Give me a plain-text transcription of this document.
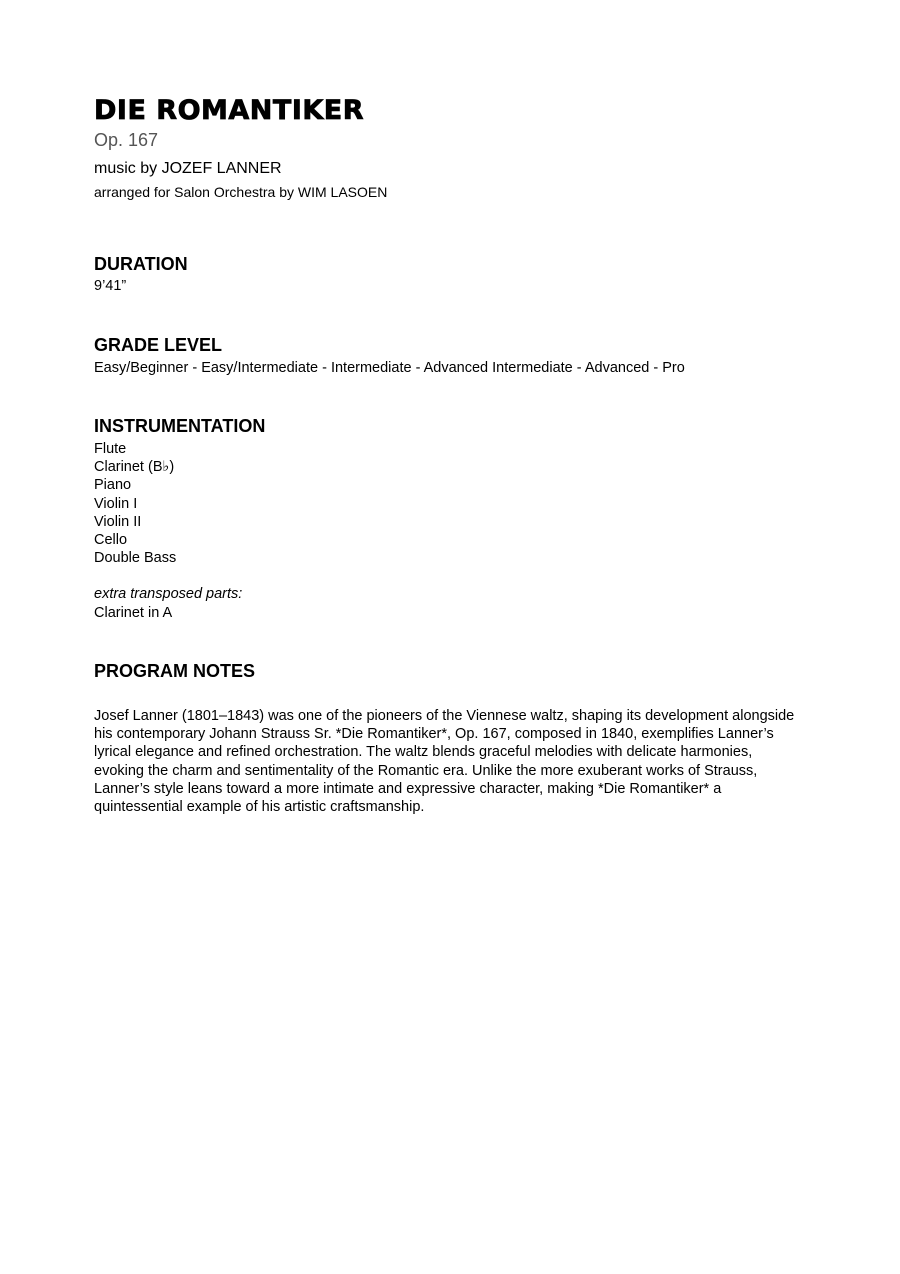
DIE ROMANTIKER
Op. 167
music by JOZEF LANNER
arranged for Salon Orchestra by WIM LASOEN
DURATION
9’41”
GRADE LEVEL
Easy/Beginner - Easy/Intermediate - Intermediate - Advanced Intermediate - Advanced - Pro
INSTRUMENTATION
Flute
Clarinet (B♭)
Piano
Violin I
Violin II
Cello
Double Bass
extra transposed parts:
Clarinet in A
PROGRAM NOTES

Josef Lanner (1801–1843) was one of the pioneers of the Viennese waltz, shaping its development alongside his contemporary Johann Strauss Sr. *Die Romantiker*, Op. 167, composed in 1840, exemplifies Lanner’s lyrical elegance and refined orchestration. The waltz blends graceful melodies with delicate harmonies, evoking the charm and sentimentality of the Romantic era. Unlike the more exuberant works of Strauss, Lanner’s style leans toward a more intimate and expressive character, making *Die Romantiker* a quintessential example of his artistic craftsmanship.
